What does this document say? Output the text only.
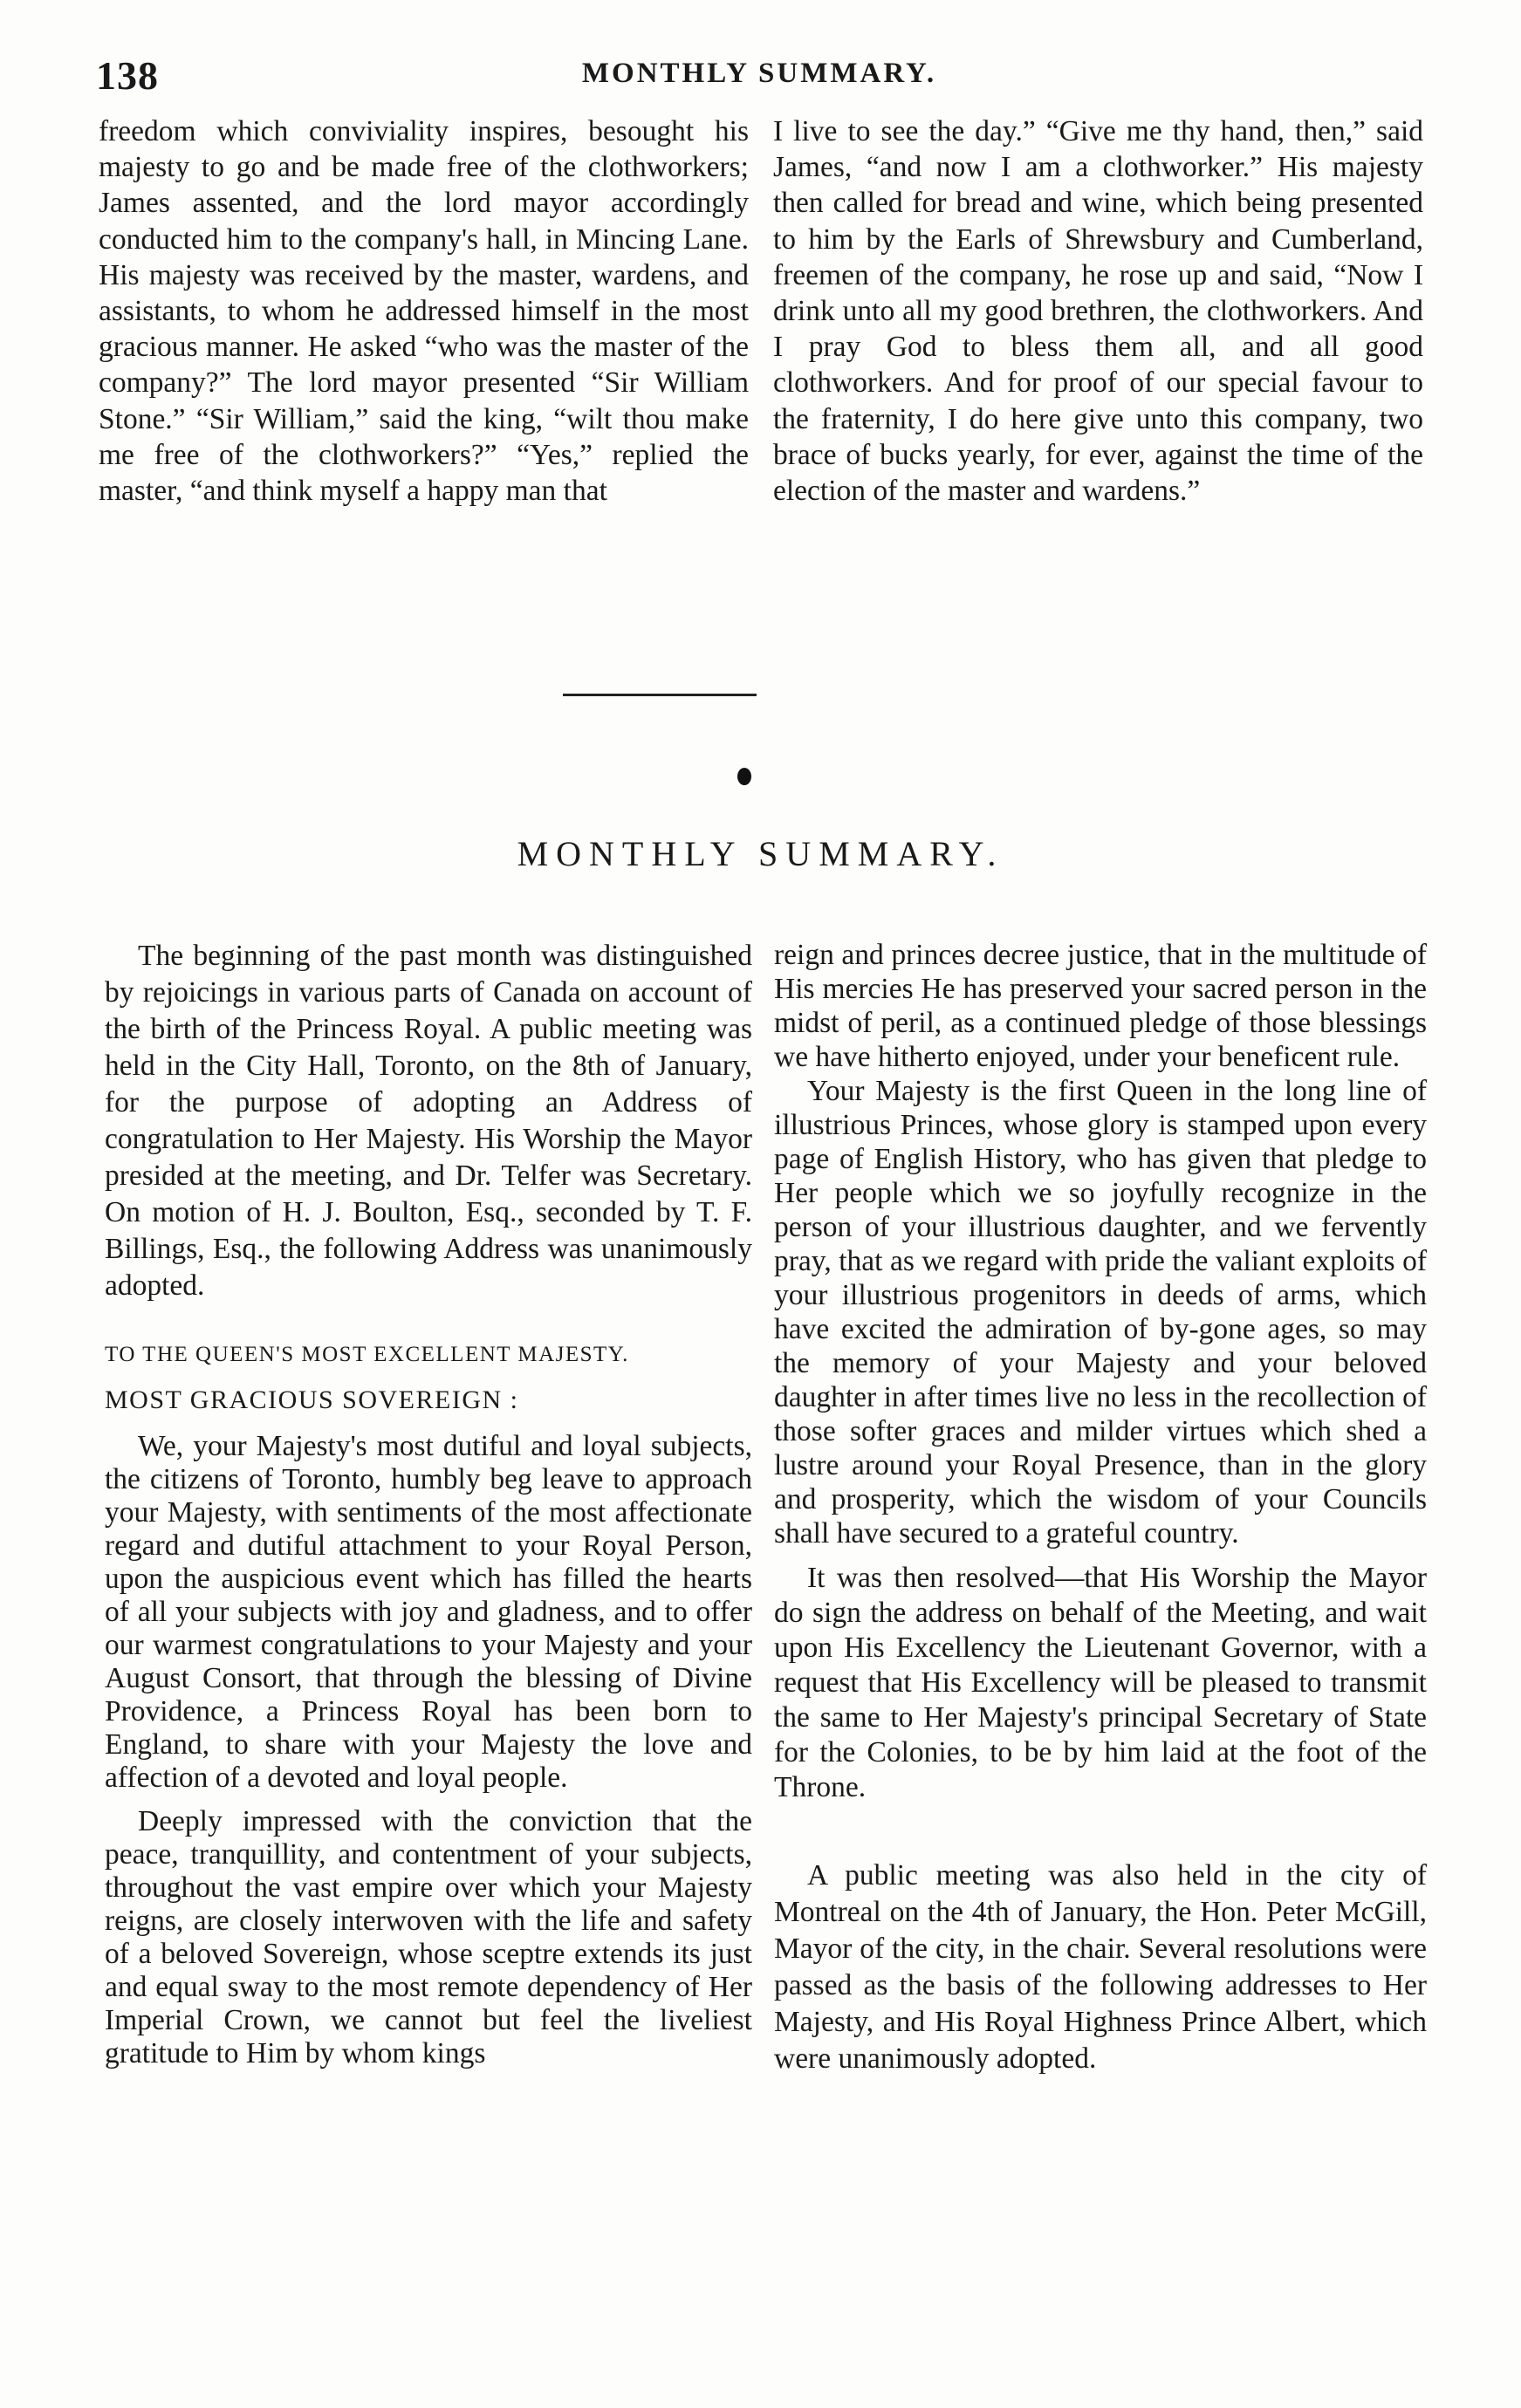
138	MONTHLY SUMMARY.

freedom which conviviality inspires, besought his majesty to go and be made free of the clothworkers; James assented, and the lord mayor accordingly conducted him to the company's hall, in Mincing Lane. His majesty was received by the master, wardens, and assistants, to whom he addressed himself in the most gracious manner. He asked “who was the master of the company?” The lord mayor presented “Sir William Stone.” “Sir William,” said the king, “wilt thou make me free of the clothworkers?” “Yes,” replied the master, “and think myself a happy man that

I live to see the day.” “Give me thy hand, then,” said James, “and now I am a clothworker.” His majesty then called for bread and wine, which being presented to him by the Earls of Shrewsbury and Cumberland, freemen of the company, he rose up and said, “Now I drink unto all my good brethren, the clothworkers. And I pray God to bless them all, and all good clothworkers. And for proof of our special favour to the fraternity, I do here give unto this company, two brace of bucks yearly, for ever, against the time of the election of the master and wardens.”

MONTHLY SUMMARY.

The beginning of the past month was distinguished by rejoicings in various parts of Canada on account of the birth of the Princess Royal. A public meeting was held in the City Hall, Toronto, on the 8th of January, for the purpose of adopting an Address of congratulation to Her Majesty. His Worship the Mayor presided at the meeting, and Dr. Telfer was Secretary. On motion of H. J. Boulton, Esq., seconded by T. F. Billings, Esq., the following Address was unanimously adopted.

TO THE QUEEN'S MOST EXCELLENT MAJESTY.

MOST GRACIOUS SOVEREIGN :

We, your Majesty's most dutiful and loyal subjects, the citizens of Toronto, humbly beg leave to approach your Majesty, with sentiments of the most affectionate regard and dutiful attachment to your Royal Person, upon the auspicious event which has filled the hearts of all your subjects with joy and gladness, and to offer our warmest congratulations to your Majesty and your August Consort, that through the blessing of Divine Providence, a Princess Royal has been born to England, to share with your Majesty the love and affection of a devoted and loyal people.

Deeply impressed with the conviction that the peace, tranquillity, and contentment of your subjects, throughout the vast empire over which your Majesty reigns, are closely interwoven with the life and safety of a beloved Sovereign, whose sceptre extends its just and equal sway to the most remote dependency of Her Imperial Crown, we cannot but feel the liveliest gratitude to Him by whom kings

reign and princes decree justice, that in the multitude of His mercies He has preserved your sacred person in the midst of peril, as a continued pledge of those blessings we have hitherto enjoyed, under your beneficent rule.

Your Majesty is the first Queen in the long line of illustrious Princes, whose glory is stamped upon every page of English History, who has given that pledge to Her people which we so joyfully recognize in the person of your illustrious daughter, and we fervently pray, that as we regard with pride the valiant exploits of your illustrious progenitors in deeds of arms, which have excited the admiration of by-gone ages, so may the memory of your Majesty and your beloved daughter in after times live no less in the recollection of those softer graces and milder virtues which shed a lustre around your Royal Presence, than in the glory and prosperity, which the wisdom of your Councils shall have secured to a grateful country.

It was then resolved—that His Worship the Mayor do sign the address on behalf of the Meeting, and wait upon His Excellency the Lieutenant Governor, with a request that His Excellency will be pleased to transmit the same to Her Majesty's principal Secretary of State for the Colonies, to be by him laid at the foot of the Throne.

A public meeting was also held in the city of Montreal on the 4th of January, the Hon. Peter McGill, Mayor of the city, in the chair. Several resolutions were passed as the basis of the following addresses to Her Majesty, and His Royal Highness Prince Albert, which were unanimously adopted.
